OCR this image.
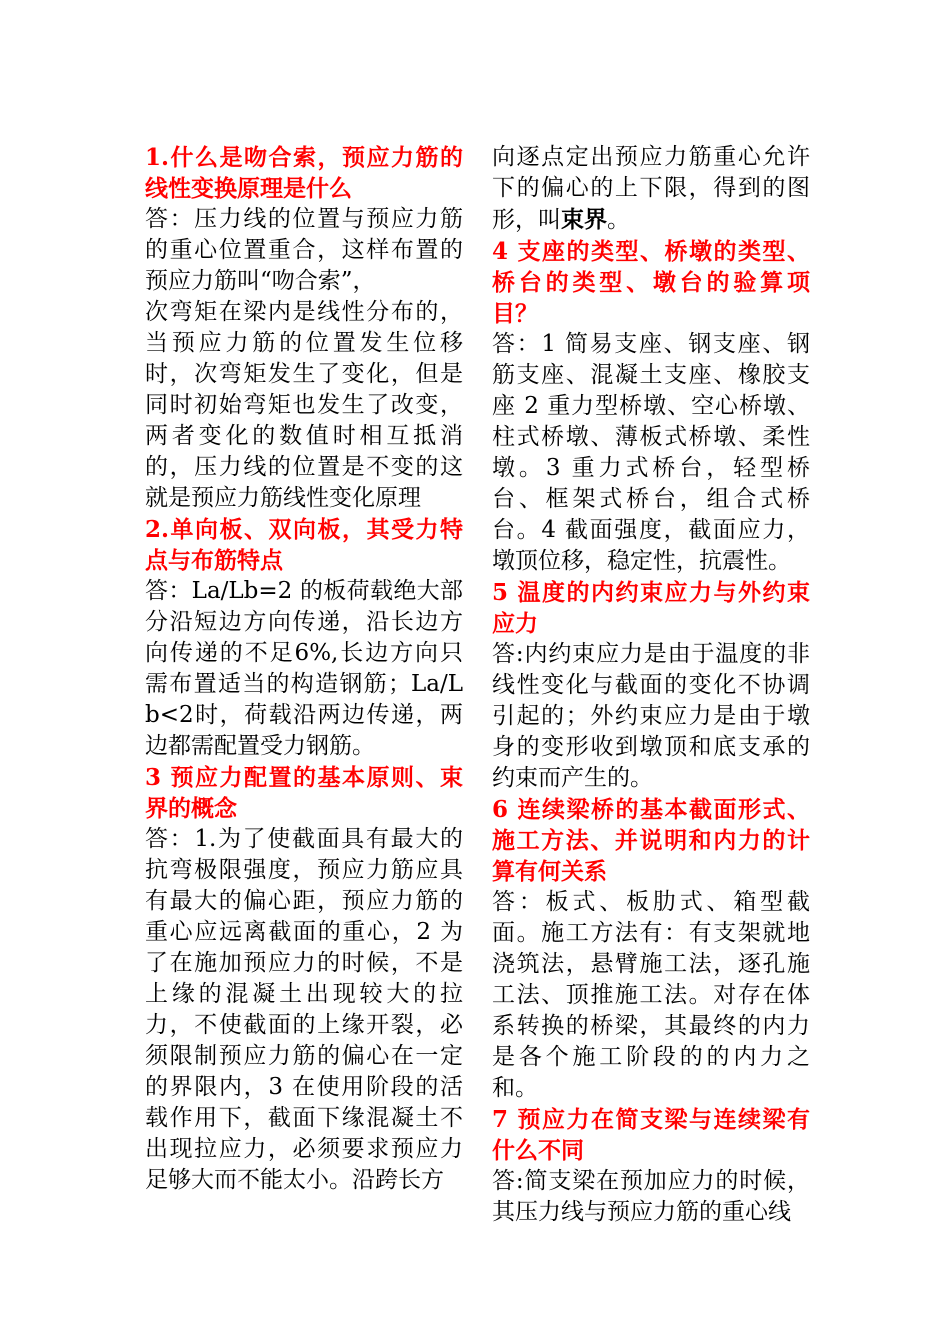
1.什么是吻合索，预应力筋的线性变换原理是什么

答：压力线的位置与预应力筋的重心位置重合，这样布置的预应力筋叫“吻合索”，
次弯矩在梁内是线性分布的，当预应力筋的位置发生位移时，次弯矩发生了变化，但是同时初始弯矩也发生了改变，两者变化的数值时相互抵消的，压力线的位置是不变的这就是预应力筋线性变化原理

2.单向板、双向板，其受力特点与布筋特点

答：La/Lb=2 的板荷载绝大部分沿短边方向传递，沿长边方向传递的不足6%,长边方向只需布置适当的构造钢筋；La/Lb<2时，荷载沿两边传递，两边都需配置受力钢筋。

3 预应力配置的基本原则、束界的概念

答：1.为了使截面具有最大的抗弯极限强度，预应力筋应具有最大的偏心距，预应力筋的重心应远离截面的重心，2 为了在施加预应力的时候，不是上缘的混凝土出现较大的拉力，不使截面的上缘开裂，必须限制预应力筋的偏心在一定的界限内，3 在使用阶段的活载作用下，截面下缘混凝土不出现拉应力，必须要求预应力足够大而不能太小。沿跨长方

向逐点定出预应力筋重心允许下的偏心的上下限，得到的图形，叫束界。

4 支座的类型、桥墩的类型、桥台的类型、墩台的验算项目？

答：1 简易支座、钢支座、钢筋支座、混凝土支座、橡胶支座 2 重力型桥墩、空心桥墩、柱式桥墩、薄板式桥墩、柔性墩。3 重力式桥台，轻型桥台、框架式桥台，组合式桥台。4 截面强度，截面应力，墩顶位移，稳定性，抗震性。

5 温度的内约束应力与外约束应力

答:内约束应力是由于温度的非线性变化与截面的变化不协调引起的；外约束应力是由于墩身的变形收到墩顶和底支承的约束而产生的。

6 连续梁桥的基本截面形式、施工方法、并说明和内力的计算有何关系

答：板式、板肋式、箱型截面。施工方法有：有支架就地浇筑法，悬臂施工法，逐孔施工法、顶推施工法。对存在体系转换的桥梁，其最终的内力是各个施工阶段的的内力之和。

7 预应力在简支梁与连续梁有什么不同

答:简支梁在预加应力的时候，其压力线与预应力筋的重心线
